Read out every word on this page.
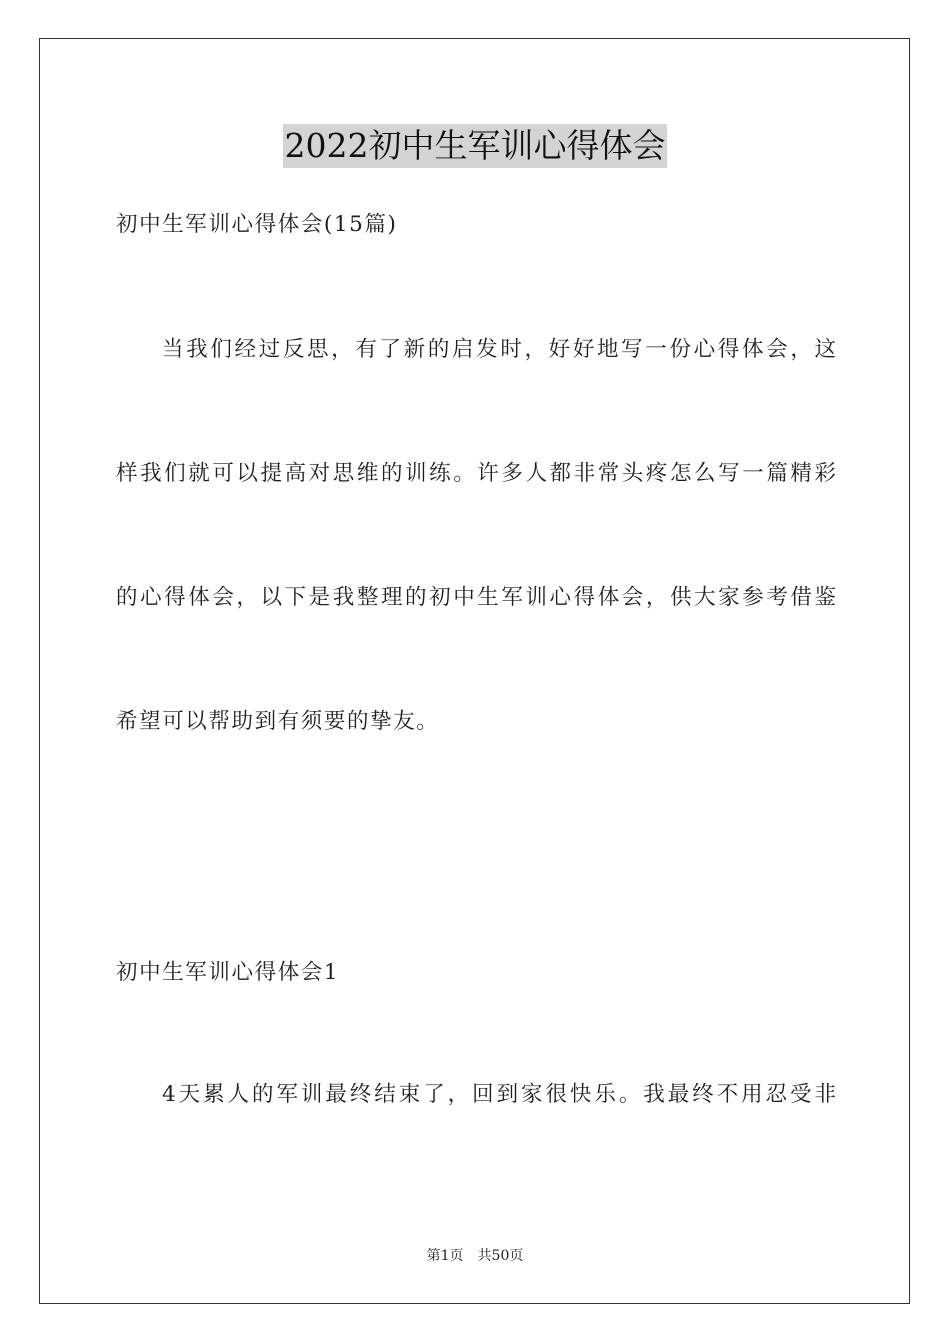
2022初中生军训心得体会
初中生军训心得体会(15篇)
当我们经过反思，有了新的启发时，好好地写一份心得体会，这
样我们就可以提高对思维的训练。许多人都非常头疼怎么写一篇精彩
的心得体会，以下是我整理的初中生军训心得体会，供大家参考借鉴
希望可以帮助到有须要的挚友。
初中生军训心得体会1
4天累人的军训最终结束了，回到家很快乐。我最终不用忍受非
第1页 共50页
